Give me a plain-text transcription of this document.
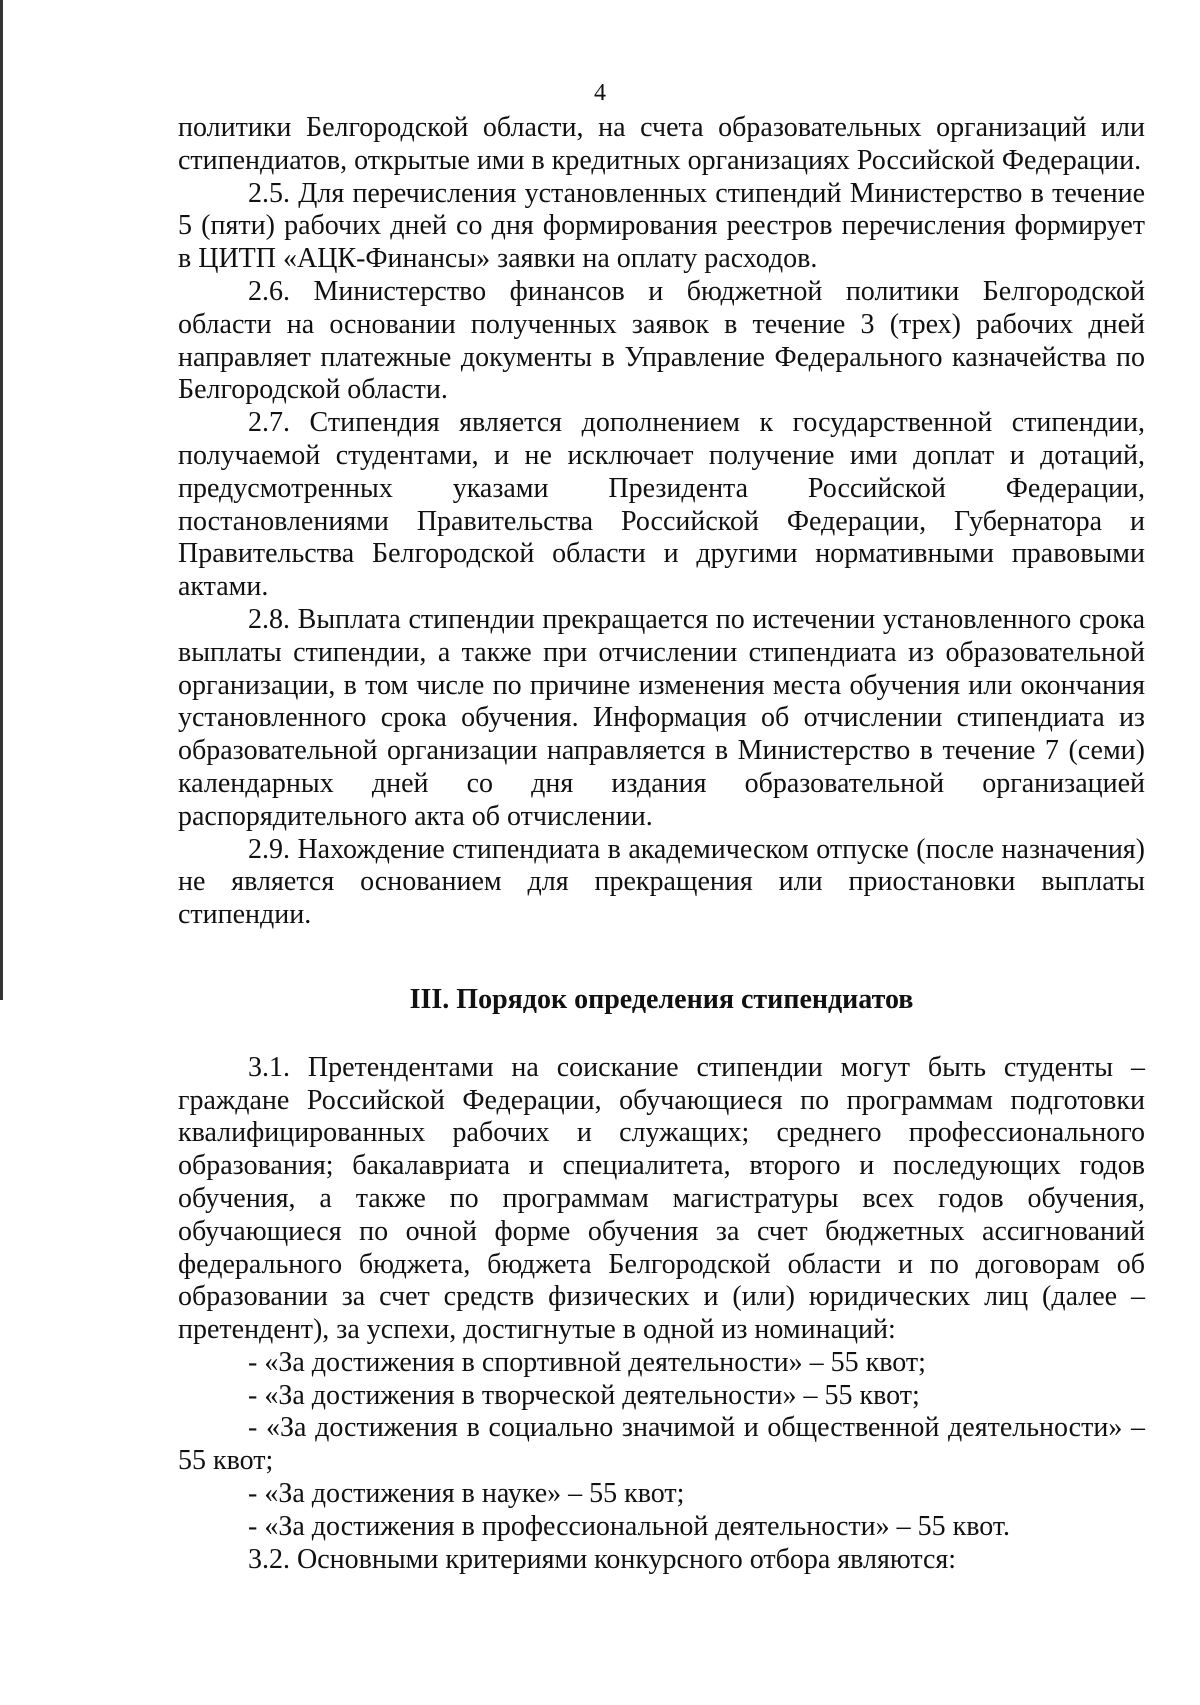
4

политики Белгородской области, на счета образовательных организаций или стипендиатов, открытые ими в кредитных организациях Российской Федерации.

2.5. Для перечисления установленных стипендий Министерство в течение 5 (пяти) рабочих дней со дня формирования реестров перечисления формирует в ЦИТП «АЦК-Финансы» заявки на оплату расходов.

2.6. Министерство финансов и бюджетной политики Белгородской области на основании полученных заявок в течение 3 (трех) рабочих дней направляет платежные документы в Управление Федерального казначейства по Белгородской области.

2.7. Стипендия является дополнением к государственной стипендии, получаемой студентами, и не исключает получение ими доплат и дотаций, предусмотренных указами Президента Российской Федерации, постановлениями Правительства Российской Федерации, Губернатора и Правительства Белгородской области и другими нормативными правовыми актами.

2.8. Выплата стипендии прекращается по истечении установленного срока выплаты стипендии, а также при отчислении стипендиата из образовательной организации, в том числе по причине изменения места обучения или окончания установленного срока обучения. Информация об отчислении стипендиата из образовательной организации направляется в Министерство в течение 7 (семи) календарных дней со дня издания образовательной организацией распорядительного акта об отчислении.

2.9. Нахождение стипендиата в академическом отпуске (после назначения) не является основанием для прекращения или приостановки выплаты стипендии.

III. Порядок определения стипендиатов

3.1. Претендентами на соискание стипендии могут быть студенты – граждане Российской Федерации, обучающиеся по программам подготовки квалифицированных рабочих и служащих; среднего профессионального образования; бакалавриата и специалитета, второго и последующих годов обучения, а также по программам магистратуры всех годов обучения, обучающиеся по очной форме обучения за счет бюджетных ассигнований федерального бюджета, бюджета Белгородской области и по договорам об образовании за счет средств физических и (или) юридических лиц (далее – претендент), за успехи, достигнутые в одной из номинаций:

- «За достижения в спортивной деятельности» – 55 квот;

- «За достижения в творческой деятельности» – 55 квот;

- «За достижения в социально значимой и общественной деятельности» – 55 квот;

- «За достижения в науке» – 55 квот;

- «За достижения в профессиональной деятельности» – 55 квот.

3.2. Основными критериями конкурсного отбора являются:
